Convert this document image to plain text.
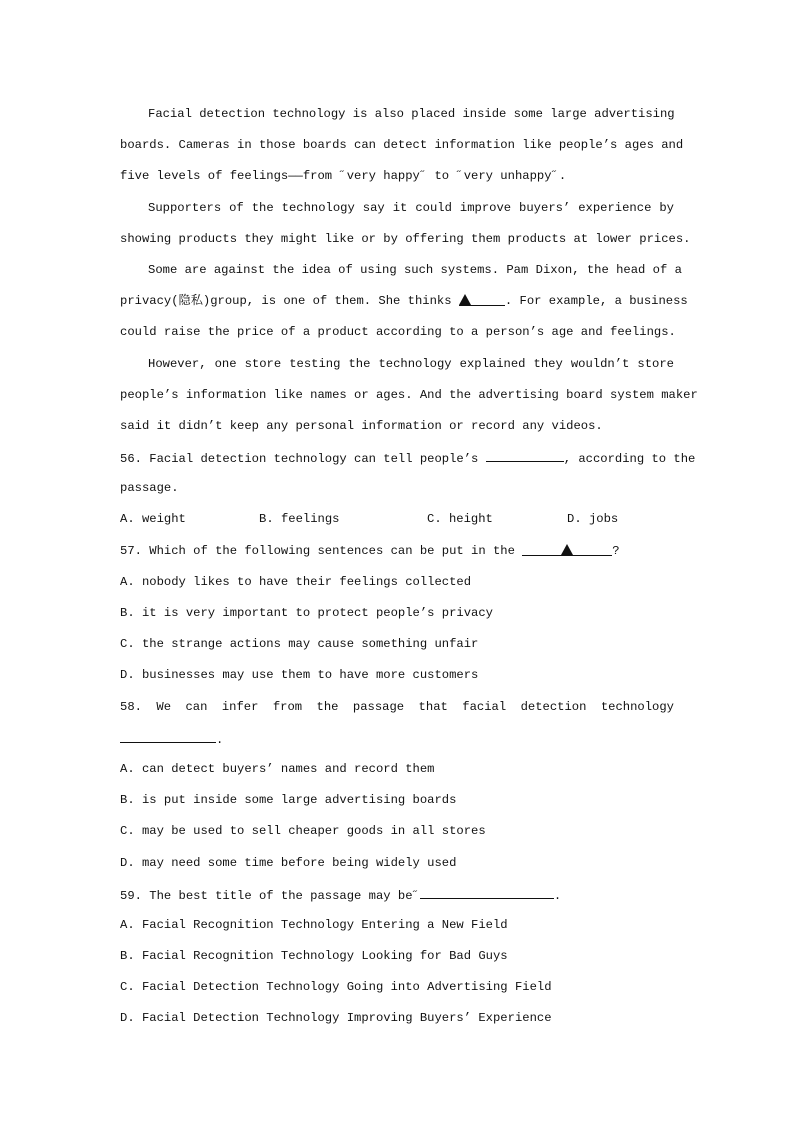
Facial detection technology is also placed inside some large advertising
boards. Cameras in those boards can detect information like people’s ages and
five levels of feelings——from ˝very happy˝ to ˝very unhappy˝.
Supporters of the technology say it could improve buyers’ experience by
showing products they might like or by offering them products at lower prices.
Some are against the idea of using such systems. Pam Dixon, the head of a
privacy(隐私)group, is one of them. She thinks	. For example, a business
could raise the price of a product according to a person’s age and feelings.
However, one store testing the technology explained they wouldn’t store
people’s information like names or ages. And the advertising board system maker
said it didn’t keep any personal information or record any videos.
56. Facial detection technology can tell people’s	, according to the
passage.
A. weight	B. feelings	C. height	D. jobs
57. Which of the following sentences can be put in the	?
A. nobody likes to have their feelings collected
B. it is very important to protect people’s privacy
C. the strange actions may cause something unfair
D. businesses may use them to have more customers
58. We can infer from the passage that facial detection technology
.
A. can detect buyers’ names and record them
B. is put inside some large advertising boards
C. may be used to sell cheaper goods in all stores
D. may need some time before being widely used
59. The best title of the passage may be˝	.
A. Facial Recognition Technology Entering a New Field
B. Facial Recognition Technology Looking for Bad Guys
C. Facial Detection Technology Going into Advertising Field
D. Facial Detection Technology Improving Buyers’ Experience
